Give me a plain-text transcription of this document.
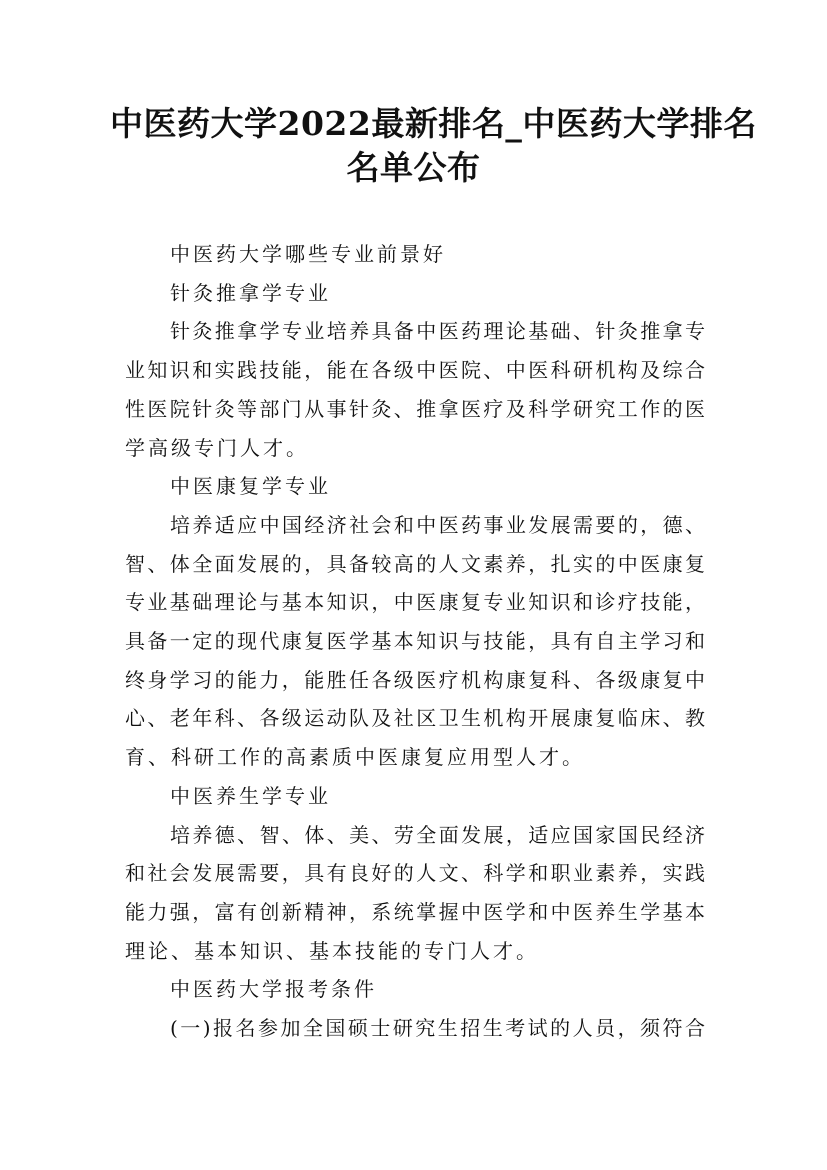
中医药大学2022最新排名_中医药大学排名
名单公布
中医药大学哪些专业前景好
针灸推拿学专业
针灸推拿学专业培养具备中医药理论基础、针灸推拿专
业知识和实践技能，能在各级中医院、中医科研机构及综合
性医院针灸等部门从事针灸、推拿医疗及科学研究工作的医
学高级专门人才。
中医康复学专业
培养适应中国经济社会和中医药事业发展需要的，德、
智、体全面发展的，具备较高的人文素养，扎实的中医康复
专业基础理论与基本知识，中医康复专业知识和诊疗技能，
具备一定的现代康复医学基本知识与技能，具有自主学习和
终身学习的能力，能胜任各级医疗机构康复科、各级康复中
心、老年科、各级运动队及社区卫生机构开展康复临床、教
育、科研工作的高素质中医康复应用型人才。
中医养生学专业
培养德、智、体、美、劳全面发展，适应国家国民经济
和社会发展需要，具有良好的人文、科学和职业素养，实践
能力强，富有创新精神，系统掌握中医学和中医养生学基本
理论、基本知识、基本技能的专门人才。
中医药大学报考条件
(一)报名参加全国硕士研究生招生考试的人员，须符合
